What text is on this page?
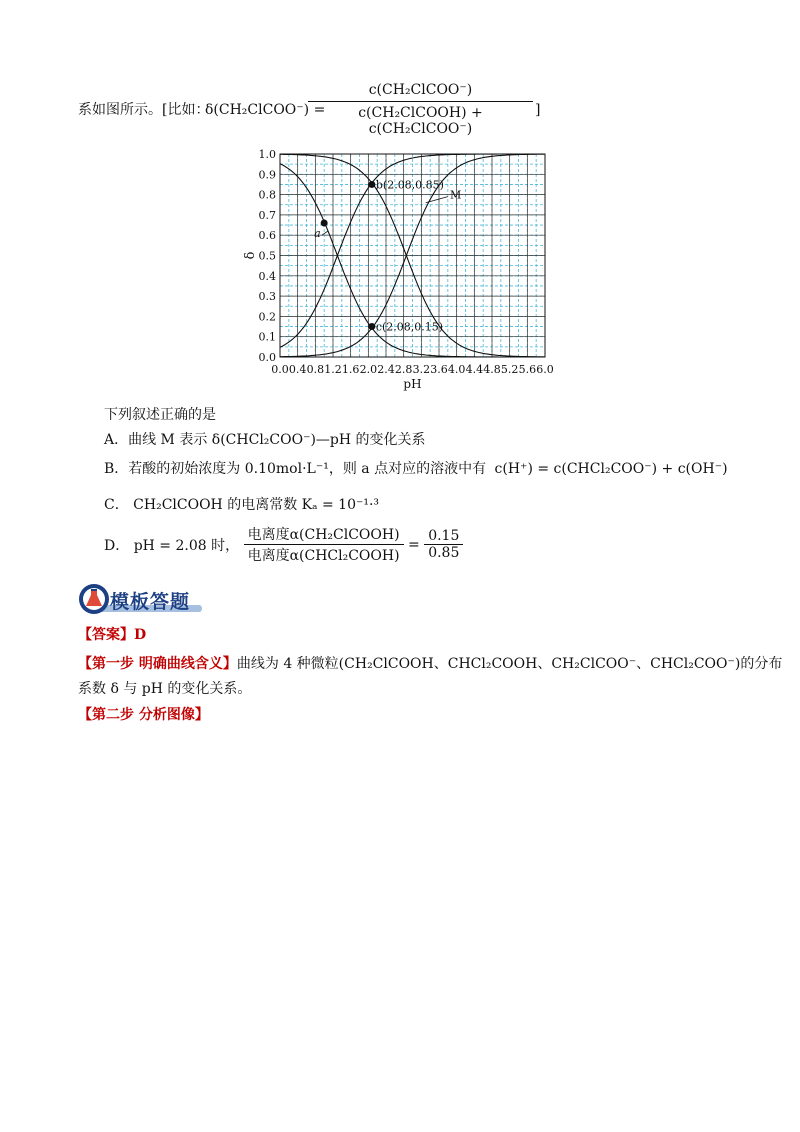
系如图所示。[比如：
δ(CH₂ClCOO⁻) =
c(CH₂ClCOO⁻)
c(CH₂ClCOOH) + c(CH₂ClCOO⁻)
]
0.0 0.4 0.8 1.2 1.6 2.0 2.4 2.8 3.2 3.6 4.0 4.4 4.8 5.2 5.6 6.0
0.0
0.1
0.2
0.3
0.4
0.5
0.6
0.7
0.8
0.9
1.0
pH
δ
b(2.08,0.85)
c(2.08,0.15)
a
M
下列叙述正确的是
A．曲线 M 表示 δ(CHCl₂COO⁻)—pH 的变化关系
B．若酸的初始浓度为 0.10mol·L⁻¹，则 a 点对应的溶液中有 c(H⁺) = c(CHCl₂COO⁻) + c(OH⁻)
C． CH₂ClCOOH 的电离常数 Kₐ = 10⁻¹·³
D． pH = 2.08 时， $\frac{\text{电离度α(CH₂ClCOOH)}}{\text{电离度α(CHCl₂COOH)}} = \frac{0.15}{0.85}$
模板答题
【答案】D
【第一步 明确曲线含义】曲线为 4 种微粒(CH₂ClCOOH、CHCl₂COOH、CH₂ClCOO⁻、CHCl₂COO⁻)的分布
系数 δ 与 pH 的变化关系。
【第二步 分析图像】
